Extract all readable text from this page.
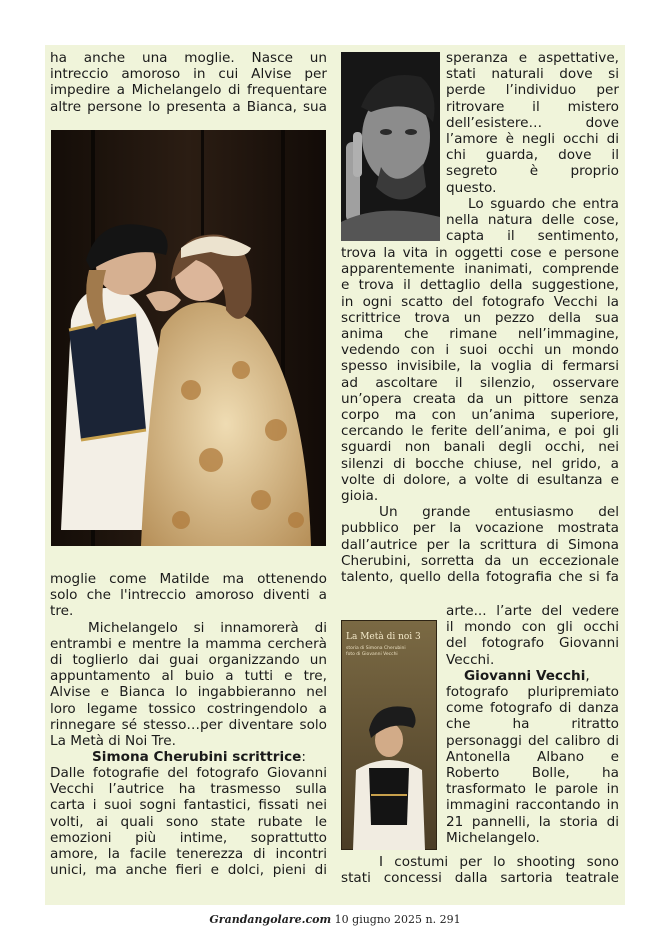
ha anche una moglie. Nasce un
intreccio amoroso in cui Alvise per
impedire a Michelangelo di frequentare
altre persone lo presenta a Bianca, sua
moglie come Matilde ma ottenendo
solo che l'intreccio amoroso diventi a
tre.
Michelangelo si innamorerà di
entrambi e mentre la mamma cercherà
di toglierlo dai guai organizzando un
appuntamento al buio a tutti e tre,
Alvise e Bianca lo ingabbieranno nel
loro legame tossico costringendolo a
rinnegare sé stesso…per diventare solo
La Metà di Noi Tre.
Simona Cherubini scrittrice:
Dalle fotografie del fotografo Giovanni
Vecchi l’autrice ha trasmesso sulla
carta i suoi sogni fantastici, fissati nei
volti, ai quali sono state rubate le
emozioni più intime, soprattutto
amore, la facile tenerezza di incontri
unici, ma anche fieri e dolci, pieni di
speranza e aspettative,
stati naturali dove si
perde l’individuo per
ritrovare il mistero
dell’esistere… dove
l’amore è negli occhi di
chi guarda, dove il
segreto è proprio
questo.
Lo sguardo che entra
nella natura delle cose,
capta il sentimento,
trova la vita in oggetti cose e persone
apparentemente inanimati, comprende
e trova il dettaglio della suggestione,
in ogni scatto del fotografo Vecchi la
scrittrice trova un pezzo della sua
anima che rimane nell’immagine,
vedendo con i suoi occhi un mondo
spesso invisibile, la voglia di fermarsi
ad ascoltare il silenzio, osservare
un’opera creata da un pittore senza
corpo ma con un’anima superiore,
cercando le ferite dell’anima, e poi gli
sguardi non banali degli occhi, nei
silenzi di bocche chiuse, nel grido, a
volte di dolore, a volte di esultanza e
gioia.
Un grande entusiasmo del
pubblico per la vocazione mostrata
dall’autrice per la scrittura di Simona
Cherubini, sorretta da un eccezionale
talento, quello della fotografia che si fa
La Metà di noi 3
storia di Simona Cherubini
foto di Giovanni Vecchi
arte... l’arte del vedere
il mondo con gli occhi
del fotografo Giovanni
Vecchi.
Giovanni Vecchi,
fotografo pluripremiato
come fotografo di danza
che ha ritratto
personaggi del calibro di
Antonella Albano e
Roberto Bolle, ha
trasformato le parole in
immagini raccontando in
21 pannelli, la storia di
Michelangelo.
I costumi per lo shooting sono
stati concessi dalla sartoria teatrale
Grandangolare.com 10 giugno 2025 n. 291
